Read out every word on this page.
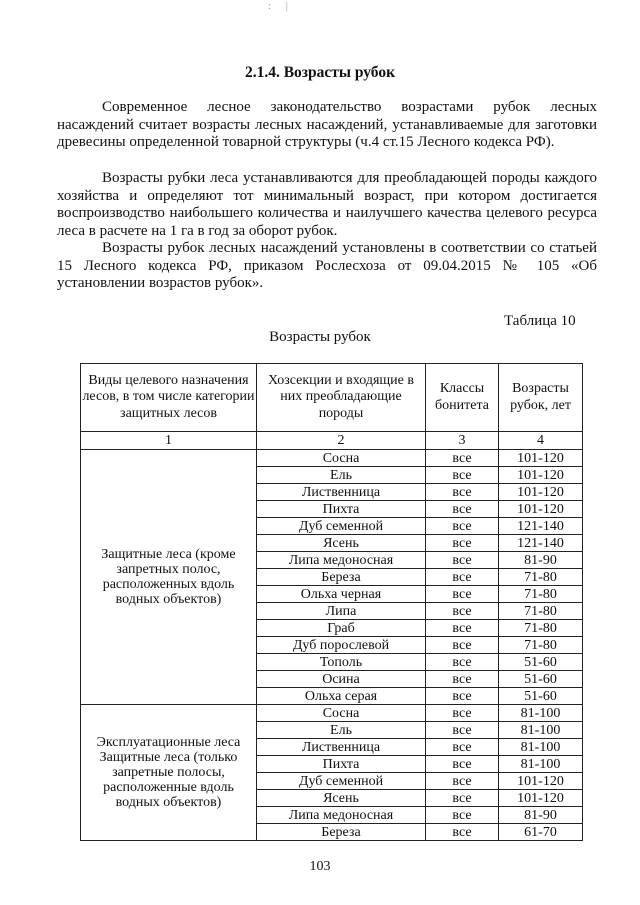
: |
2.1.4. Возрасты рубок

Современное лесное законодательство возрастами рубок лесных насаждений считает возрасты лесных насаждений, устанавливаемые для заготовки древесины определенной товарной структуры (ч.4 ст.15 Лесного кодекса РФ).

Возрасты рубки леса устанавливаются для преобладающей породы каждого хозяйства и определяют тот минимальный возраст, при котором достигается воспроизводство наибольшего количества и наилучшего качества целевого ресурса леса в расчете на 1 га в год за оборот рубок.

Возрасты рубок лесных насаждений установлены в соответствии со статьей 15 Лесного кодекса РФ, приказом Рослесхоза от 09.04.2015 № 105 «Об установлении возрастов рубок».

Таблица 10
Возрасты рубок
Виды целевого назначения лесов, в том числе категории защитных лесов	Хозсекции и входящие в них преобладающие породы	Классы бонитета	Возрасты рубок, лет
1	2	3	4
Защитные леса (кроме запретных полос, расположенных вдоль водных объектов)	Сосна	все	101-120
	Ель	все	101-120
	Лиственница	все	101-120
	Пихта	все	101-120
	Дуб семенной	все	121-140
	Ясень	все	121-140
	Липа медоносная	все	81-90
	Береза	все	71-80
	Ольха черная	все	71-80
	Липа	все	71-80
	Граб	все	71-80
	Дуб порослевой	все	71-80
	Тополь	все	51-60
	Осина	все	51-60
	Ольха серая	все	51-60
Эксплуатационные леса Защитные леса (только запретные полосы, расположенные вдоль водных объектов)	Сосна	все	81-100
	Ель	все	81-100
	Лиственница	все	81-100
	Пихта	все	81-100
	Дуб семенной	все	101-120
	Ясень	все	101-120
	Липа медоносная	все	81-90
	Береза	все	61-70
103
